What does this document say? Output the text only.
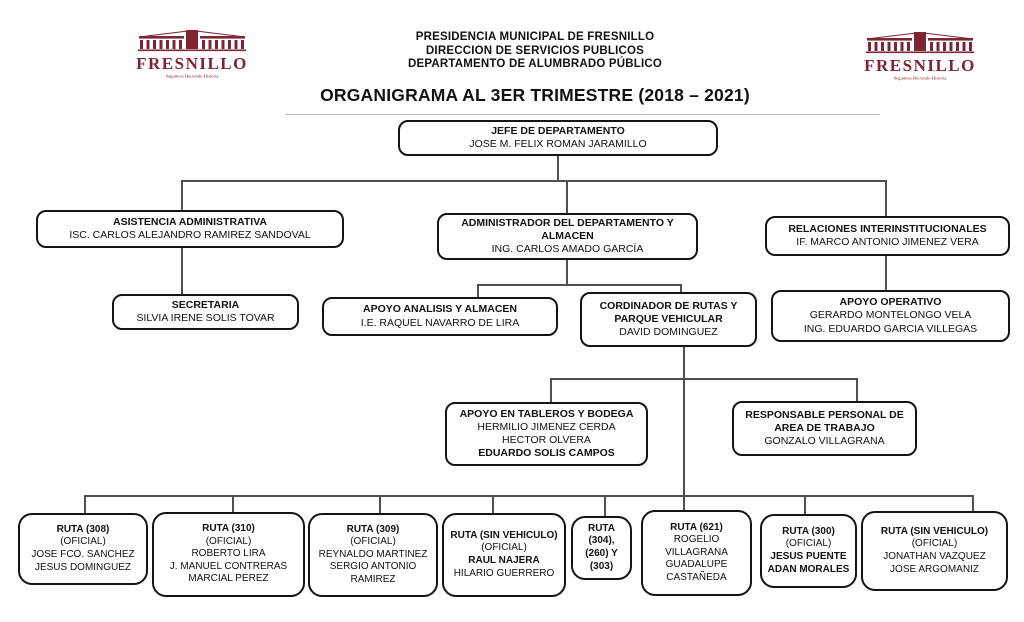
FRESNILLO
Seguimos Haciendo Historia
FRESNILLO
Seguimos Haciendo Historia
PRESIDENCIA MUNICIPAL DE FRESNILLO
DIRECCION DE SERVICIOS PUBLICOS
DEPARTAMENTO DE ALUMBRADO PÚBLICO
ORGANIGRAMA AL 3ER TRIMESTRE (2018 – 2021)
JEFE DE DEPARTAMENTO
JOSE M. FELIX ROMAN JARAMILLO
ASISTENCIA ADMINISTRATIVA
ISC. CARLOS ALEJANDRO RAMIREZ SANDOVAL
ADMINISTRADOR DEL DEPARTAMENTO Y ALMACEN
ING. CARLOS AMADO GARCÍA
RELACIONES INTERINSTITUCIONALES
IF. MARCO ANTONIO JIMENEZ VERA
SECRETARIA
SILVIA IRENE SOLIS TOVAR
APOYO ANALISIS Y ALMACEN
I.E. RAQUEL NAVARRO DE LIRA
CORDINADOR DE RUTAS Y PARQUE VEHICULAR
DAVID DOMINGUEZ
APOYO OPERATIVO
GERARDO MONTELONGO VELA
ING. EDUARDO GARCIA VILLEGAS
APOYO EN TABLEROS Y BODEGA
HERMILIO JIMENEZ CERDA
HECTOR OLVERA
EDUARDO SOLIS CAMPOS
RESPONSABLE PERSONAL DE AREA DE TRABAJO
GONZALO VILLAGRANA
RUTA (308)
(OFICIAL)
JOSE FCO. SANCHEZ
JESUS DOMINGUEZ
RUTA (310)
(OFICIAL)
ROBERTO LIRA
J. MANUEL CONTRERAS
MARCIAL PEREZ
RUTA (309)
(OFICIAL)
REYNALDO MARTINEZ
SERGIO ANTONIO RAMIREZ
RUTA (SIN VEHICULO)
(OFICIAL)
RAUL NAJERA
HILARIO GUERRERO
RUTA (304), (260) Y (303)
RUTA (621)
ROGELIO VILLAGRANA
GUADALUPE CASTAÑEDA
RUTA (300)
(OFICIAL)
JESUS PUENTE
ADAN MORALES
RUTA (SIN VEHICULO)
(OFICIAL)
JONATHAN VAZQUEZ
JOSE ARGOMANIZ
